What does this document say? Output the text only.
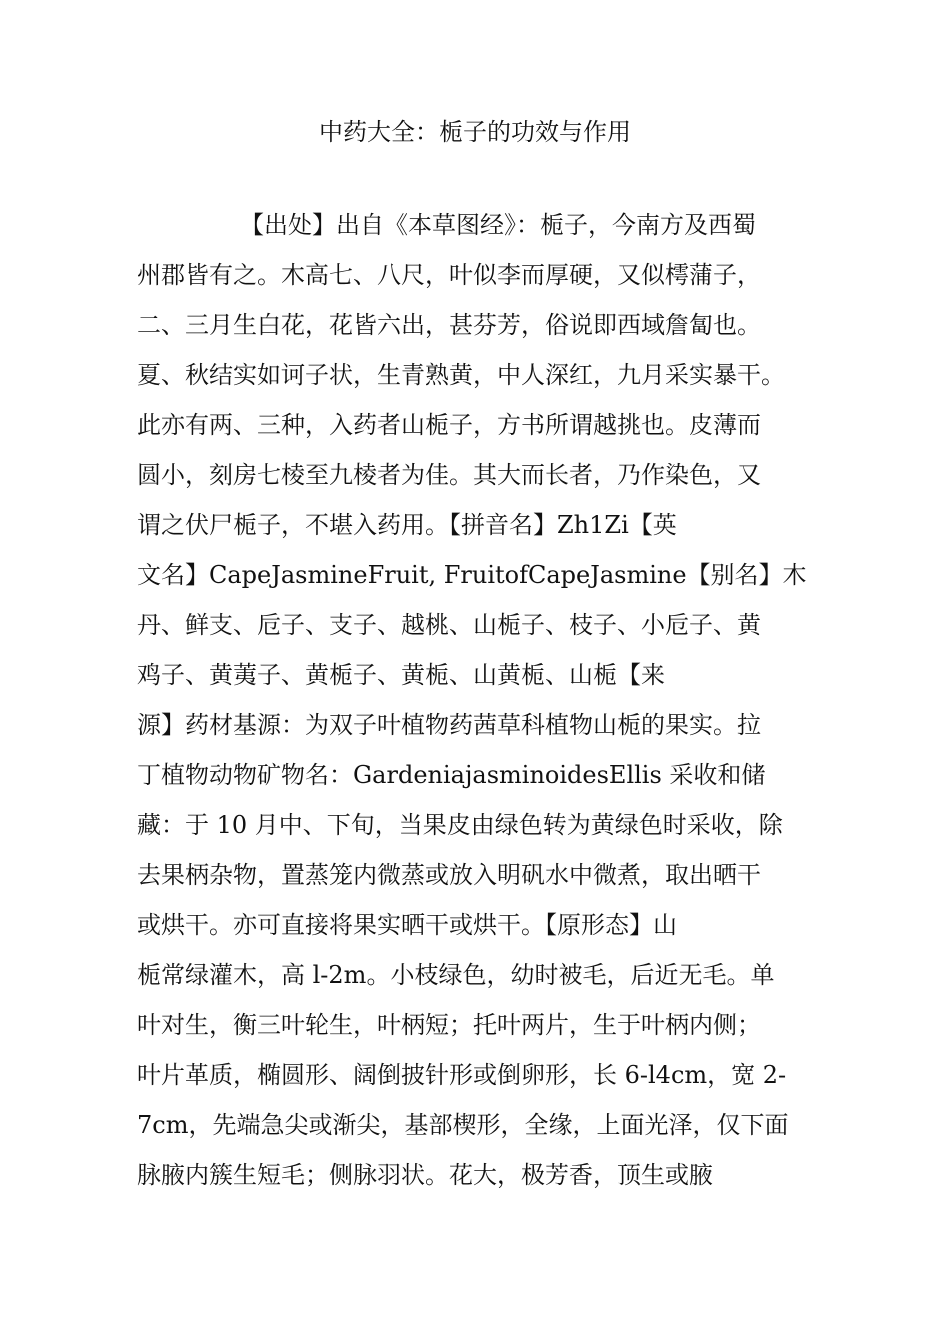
中药大全：栀子的功效与作用
【出处】出自《本草图经》：栀子，今南方及西蜀
州郡皆有之。木高七、八尺，叶似李而厚硬，又似樗蒲子，
二、三月生白花，花皆六出，甚芬芳，俗说即西域詹匐也。
夏、秋结实如诃子状，生青熟黄，中人深红，九月采实暴干。
此亦有两、三种，入药者山栀子，方书所谓越挑也。皮薄而
圆小，刻房七棱至九棱者为佳。其大而长者，乃作染色，又
谓之伏尸栀子，不堪入药用。【拼音名】Zh1Zi【英
文名】CapeJasmineFruit, FruitofCapeJasmine【别名】木
丹、鲜支、卮子、支子、越桃、山栀子、枝子、小卮子、黄
鸡子、黄荑子、黄栀子、黄栀、山黄栀、山栀【来
源】药材基源：为双子叶植物药茜草科植物山栀的果实。拉
丁植物动物矿物名：GardeniajasminoidesEllis 采收和储
藏：于 10 月中、下旬，当果皮由绿色转为黄绿色时采收，除
去果柄杂物，置蒸笼内微蒸或放入明矾水中微煮，取出晒干
或烘干。亦可直接将果实晒干或烘干。【原形态】山
栀常绿灌木，高 l-2m。小枝绿色，幼时被毛，后近无毛。单
叶对生，衡三叶轮生，叶柄短；托叶两片，生于叶柄内侧；
叶片革质，椭圆形、阔倒披针形或倒卵形，长 6-l4cm，宽 2-
7cm，先端急尖或渐尖，基部楔形，全缘，上面光泽，仅下面
脉腋内簇生短毛；侧脉羽状。花大，极芳香，顶生或腋
